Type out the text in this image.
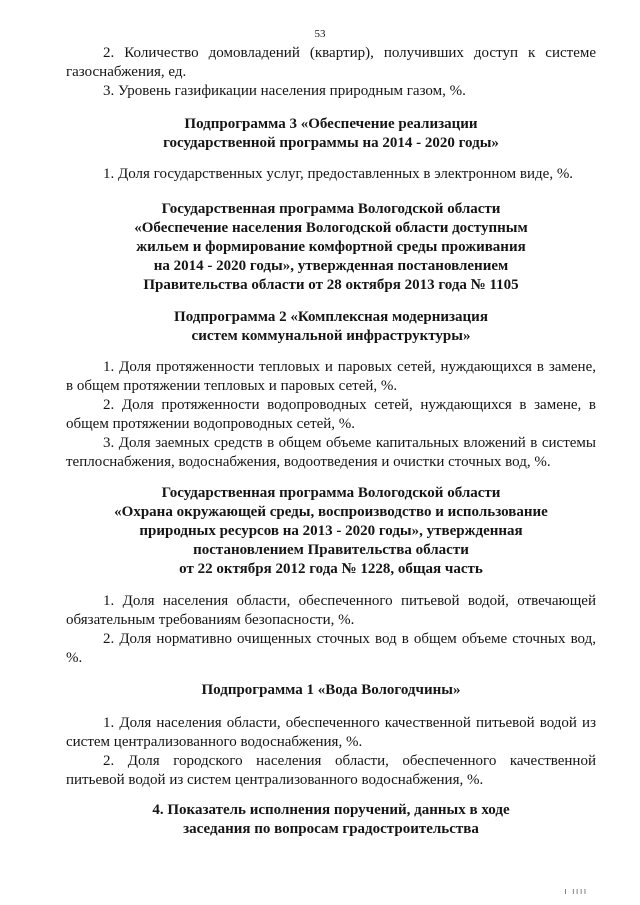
53

2. Количество домовладений (квартир), получивших доступ к системе газоснабжения, ед.

3. Уровень газификации населения природным газом, %.

Подпрограмма 3 «Обеспечение реализации
государственной программы на 2014 - 2020 годы»

1. Доля государственных услуг, предоставленных в электронном виде, %.

Государственная программа Вологодской области
«Обеспечение населения Вологодской области доступным
жильем и формирование комфортной среды проживания
на 2014 - 2020 годы», утвержденная постановлением
Правительства области от 28 октября 2013 года № 1105

Подпрограмма 2 «Комплексная модернизация
систем коммунальной инфраструктуры»

1. Доля протяженности тепловых и паровых сетей, нуждающихся в замене, в общем протяжении тепловых и паровых сетей, %.

2. Доля протяженности водопроводных сетей, нуждающихся в замене, в общем протяжении водопроводных сетей, %.

3. Доля заемных средств в общем объеме капитальных вложений в системы теплоснабжения, водоснабжения, водоотведения и очистки сточных вод, %.

Государственная программа Вологодской области
«Охрана окружающей среды, воспроизводство и использование
природных ресурсов на 2013 - 2020 годы», утвержденная
постановлением Правительства области
от 22 октября 2012 года № 1228, общая часть

1. Доля населения области, обеспеченного питьевой водой, отвечающей обязательным требованиям безопасности, %.

2. Доля нормативно очищенных сточных вод в общем объеме сточных вод, %.

Подпрограмма 1 «Вода Вологодчины»

1. Доля населения области, обеспеченного качественной питьевой водой из систем централизованного водоснабжения, %.

2. Доля городского населения области, обеспеченного качественной питьевой водой из систем централизованного водоснабжения, %.

4. Показатель исполнения поручений, данных в ходе
заседания по вопросам градостроительства

I IIII
